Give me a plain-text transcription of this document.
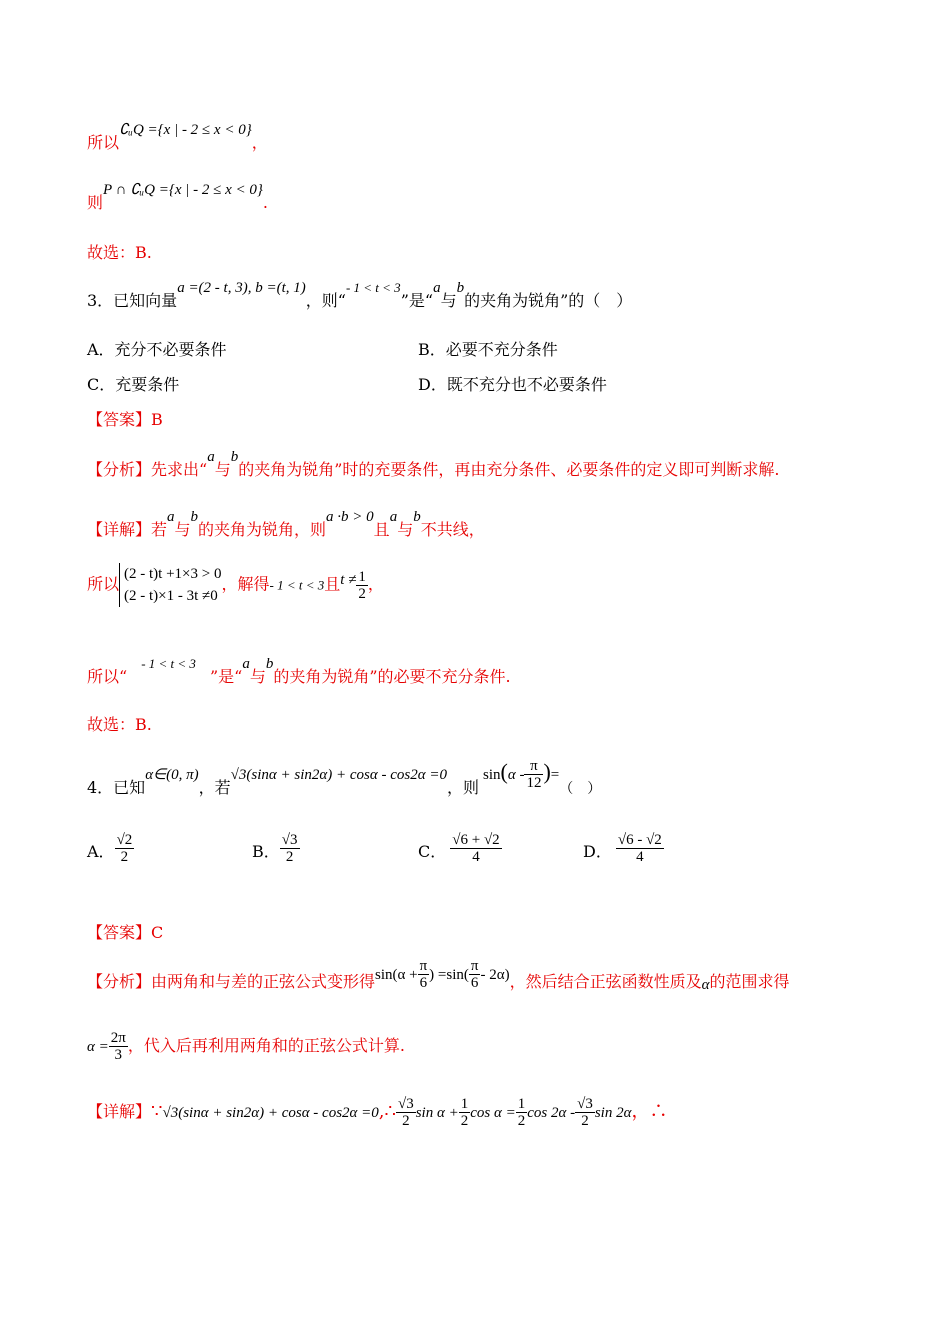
所以∁ᵤQ ={x | - 2 ≤ x < 0}，
则P ∩ ∁ᵤQ ={x | - 2 ≤ x < 0}.
故选：B.
3．已知向量a =(2 - t, 3), b =(t, 1)，则“$^{- 1 < t < 3}$”是“a与b的夹角为锐角”的（　）
A．充分不必要条件	B．必要不充分条件
C．充要条件	D．既不充分也不必要条件
【答案】B
【分析】先求出“a与b的夹角为锐角”时的充要条件，再由充分条件、必要条件的定义即可判断求解.
【详解】若a与b的夹角为锐角，则a ·b > 0且a与b不共线，
所以
(2 - t)t +1×3 > 0
(2 - t)×1 - 3t ≠0
，解得- 1 < t < 3且$t \ne \frac{1}{2}$ ，
所以“$^{- 1 < t < 3}$”是“a与b的夹角为锐角”的必要不充分条件.
故选：B.
4．已知α∈(0, π)，若√3(sinα + sin2α) + cosα - cos2α =0，则$\sin(\alpha - \frac{\pi}{12}$ )=（　）
A． $\frac{√2}{2}$	B． $\frac{√3}{2}$	C． $\frac{√6 + √2}{4}$	D． $\frac{√6 - √2}{4}$
【答案】C
【分析】由两角和与差的正弦公式变形得$\sin(\alpha + \frac{\pi}{6}$ ) $=\sin( \frac{\pi}{6} - 2\alpha)$，然后结合正弦函数性质及α的范围求得
$\alpha = \frac{2\pi}{3}$ ，代入后再利用两角和的正弦公式计算.
【详解】∵√3(sinα + sin2α) + cosα - cos2α =0,∴ $\frac{√3}{2}$ $\sin \alpha + \frac{1}{2}$ $\cos \alpha = \frac{1}{2}$ $\cos 2\alpha - \frac{√3}{2}$ sin 2α，∴
